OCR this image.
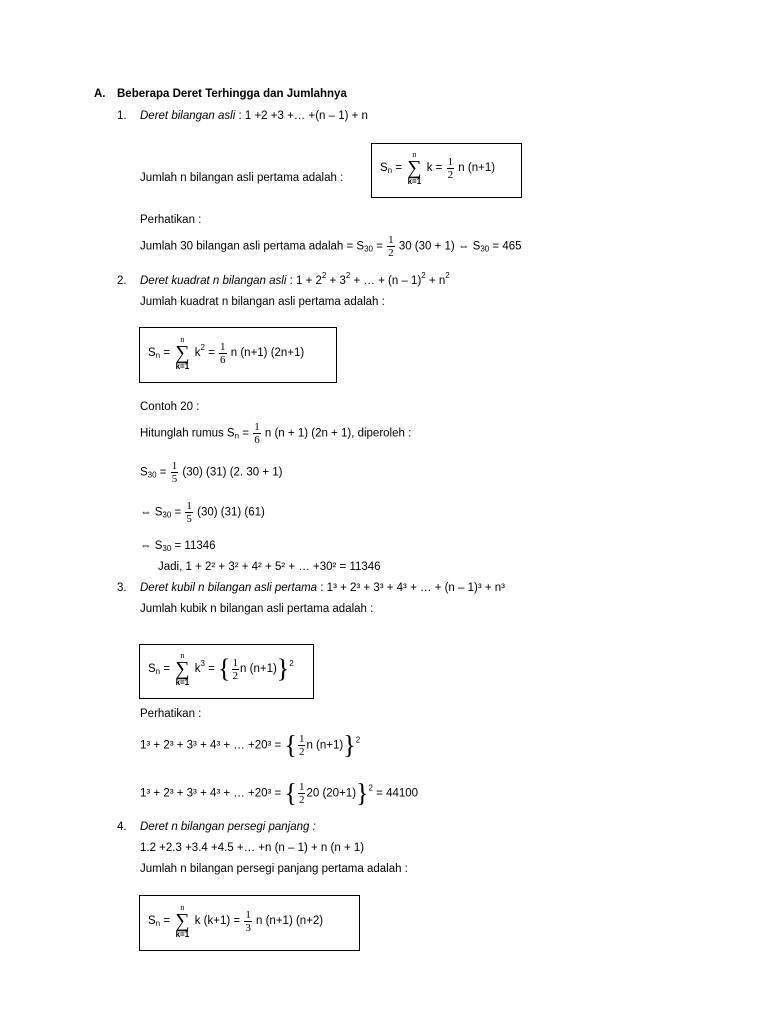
A. Beberapa Deret Terhingga dan Jumlahnya
1. Deret bilangan asli : 1 +2 +3 +… +(n – 1) + n
Jumlah n bilangan asli pertama adalah :
$S_n$ =
n
∑
k=1
$k = \frac{1}{2}$ n (n+1)
Perhatikan :
Jumlah 30 bilangan asli pertama adalah = $S_{30} = \frac{1}{2} 30$ (30 + 1) ⇔ $S_{30} = 465$
2. Deret kuadrat n bilangan asli : $1 + 2^2 + 3^2$ + … + $(n - 1)^2 + n^2$
Jumlah kuadrat n bilangan asli pertama adalah :
$S_n$ =
n
∑
k=1
$k^2 = \frac{1}{6}$ n (n+1) (2n+1)
Contoh 20 :
Hitunglah rumus $S_n = \frac{1}{6}$ n (n + 1) (2n + 1), diperoleh :
$S_{30} = \frac{1}{5} (30)$ (31) (2. 30 + 1)
⇔ $S_{30} = \frac{1}{5} (30)$ (31) (61)
⇔ $S_{30} = 11346$
Jadi, 1 + 2² + 3² + 4² + 5² + … +30² = 11346
3. Deret kubil n bilangan asli pertama : 1³ + 2³ + 3³ + 4³ + … + (n – 1)³ + n³
Jumlah kubik n bilangan asli pertama adalah :
$S_n$ =
n
∑
k=1
$k^3$ = { $\frac{1}{2}$ n (n+1)}$^2$
Perhatikan :
1³ + 2³ + 3³ + 4³ + … +20³ = { $\frac{1}{2}$ n (n+1)}$^2$
1³ + 2³ + 3³ + 4³ + … +20³ = { $\frac{1}{2} 20$ (20+1)}$^2$ = 44100
4. Deret n bilangan persegi panjang :
1.2 +2.3 +3.4 +4.5 +… +n (n – 1) + n (n + 1)
Jumlah n bilangan persegi panjang pertama adalah :
$S_n$ =
n
∑
k=1
k $(k+1) = \frac{1}{3}$ n (n+1) (n+2)
